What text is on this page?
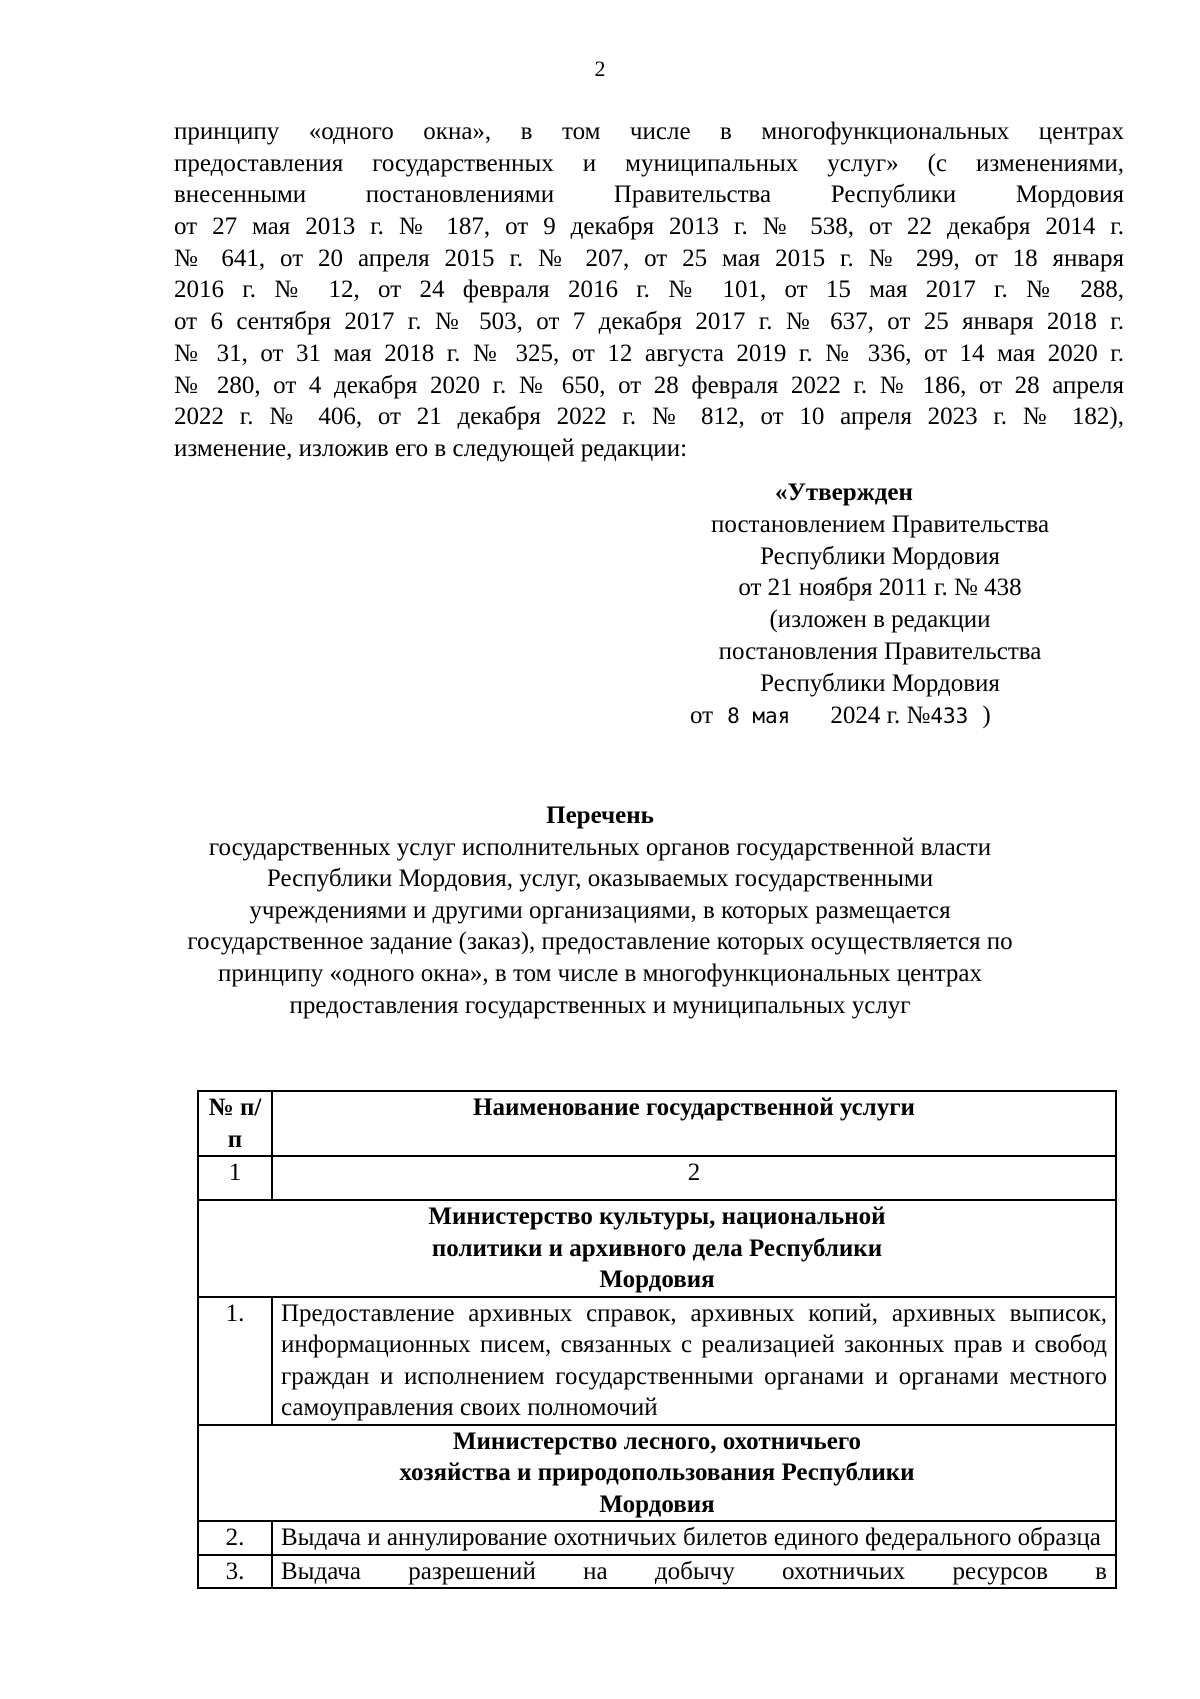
2
принципу «одного окна», в том числе в многофункциональных центрах
предоставления государственных и муниципальных услуг» (с изменениями,
внесенными постановлениями Правительства Республики Мордовия
от 27 мая 2013 г. № 187, от 9 декабря 2013 г. № 538, от 22 декабря 2014 г.
№ 641, от 20 апреля 2015 г. № 207, от 25 мая 2015 г. № 299, от 18 января
2016 г. № 12, от 24 февраля 2016 г. № 101, от 15 мая 2017 г. № 288,
от 6 сентября 2017 г. № 503, от 7 декабря 2017 г. № 637, от 25 января 2018 г.
№ 31, от 31 мая 2018 г. № 325, от 12 августа 2019 г. № 336, от 14 мая 2020 г.
№ 280, от 4 декабря 2020 г. № 650, от 28 февраля 2022 г. № 186, от 28 апреля
2022 г. № 406, от 21 декабря 2022 г. № 812, от 10 апреля 2023 г. № 182),
изменение, изложив его в следующей редакции:
«Утвержден
постановлением Правительства
Республики Мордовия
от 21 ноября 2011 г. № 438
(изложен в редакции
постановления Правительства
Республики Мордовия
от 8 мая 2024 г. №433 )
Перечень
государственных услуг исполнительных органов государственной власти
Республики Мордовия, услуг, оказываемых государственными
учреждениями и другими организациями, в которых размещается
государственное задание (заказ), предоставление которых осуществляется по
принципу «одного окна», в том числе в многофункциональных центрах
предоставления государственных и муниципальных услуг
№ п/п	Наименование государственной услуги
1	2
Министерство культуры, национальной политики и архивного дела Республики Мордовия	
1.	Предоставление архивных справок, архивных копий, архивных выписок, информационных писем, связанных с реализацией законных прав и свобод граждан и исполнением государственными органами и органами местного самоуправления своих полномочий
Министерство лесного, охотничьего хозяйства и природопользования Республики Мордовия	
2.	Выдача и аннулирование охотничьих билетов единого федерального образца
3.	Выдача разрешений на добычу охотничьих ресурсов в
